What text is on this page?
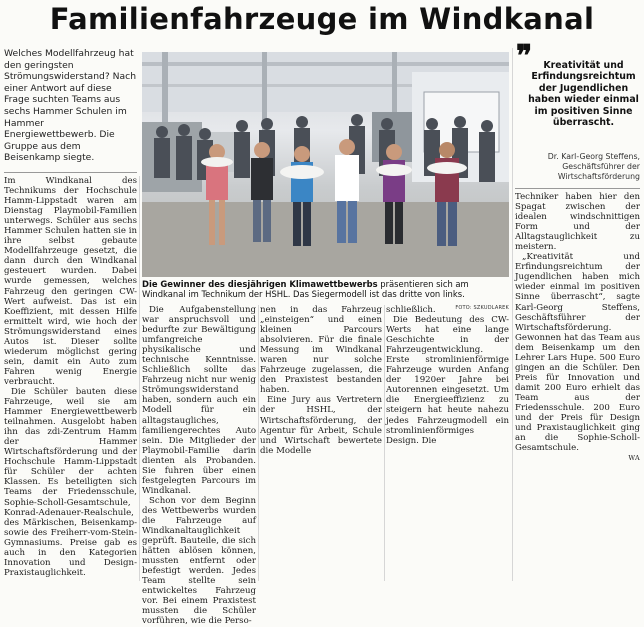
Familienfahrzeuge im Windkanal
Welches Modellfahrzeug hat den geringsten Strömungswiderstand? Nach einer Antwort auf diese Frage suchten Teams aus sechs Hammer Schulen im Hammer Energiewettbewerb. Die Gruppe aus dem Beisenkamp siegte.

Im Windkanal des Technikums der Hochschule Hamm-Lippstadt waren am Dienstag Playmobil-Familien unterwegs. Schüler aus sechs Hammer Schulen hatten sie in ihre selbst gebaute Modellfahrzeuge gesetzt, die dann durch den Windkanal gesteuert wurden. Dabei wurde gemessen, welches Fahrzeug den geringen CW-Wert aufweist. Das ist ein Koeffizient, mit dessen Hilfe ermittelt wird, wie hoch der Strömungswiderstand eines Autos ist. Dieser sollte wiederum möglichst gering sein, damit ein Auto zum Fahren wenig Energie verbraucht.

Die Schüler bauten diese Fahrzeuge, weil sie am Hammer Energiewettbewerb teilnahmen. Ausgelobt haben ihn das zdi-Zentrum Hamm der Hammer Wirtschaftsförderung und der Hochschule Hamm-Lippstadt für Schüler der achten Klassen. Es beteiligten sich Teams der Friedensschule, Sophie-Scholl-Gesamtschule, Konrad-Adenauer-Realschule, des Märkischen, Beisenkamp- sowie des Freiherr-vom-Stein-Gymnasiums. Preise gab es auch in den Kategorien Innovation und Design-Praxistauglichkeit.

Die Gewinner des diesjährigen Klimawettbewerbs präsentieren sich am Windkanal im Technikum der HSHL. Das Siegermodell ist das dritte von links.
FOTO: SZKUDLAREK

Die Aufgabenstellung war anspruchsvoll und bedurfte zur Bewältigung umfangreiche physikalische und technische Kenntnisse. Schließlich sollte das Fahrzeug nicht nur wenig Strömungswiderstand haben, sondern auch ein Modell für ein alltagstaugliches, familiengerechtes Auto sein. Die Mitglieder der Playmobil-Familie darin dienten als Probanden. Sie fuhren über einen festgelegten Parcours im Windkanal.

Schon vor dem Beginn des Wettbewerbs wurden die Fahrzeuge auf Windkanaltauglichkeit geprüft. Bauteile, die sich hätten ablösen können, mussten entfernt oder befestigt werden. Jedes Team stellte sein entwickeltes Fahrzeug vor. Bei einem Praxistest mussten die Schüler vorführen, wie die Perso-

nen in das Fahrzeug „einsteigen“ und einen kleinen Parcours absolvieren. Für die finale Messung im Windkanal waren nur solche Fahrzeuge zugelassen, die den Praxistest bestanden haben.

Eine Jury aus Vertretern der HSHL, der Wirtschaftsförderung, der Agentur für Arbeit, Schule und Wirtschaft bewertete die Modelle

schließlich.

Die Bedeutung des CW-Werts hat eine lange Geschichte in der Fahrzeugentwicklung. Erste stromlinienförmige Fahrzeuge wurden Anfang der 1920er Jahre bei Autorennen eingesetzt. Um die Energieeffizienz zu steigern hat heute nahezu jedes Fahrzeugmodell ein stromlinienförmiges Design. Die

❞	Kreativität und Erfindungsreichtum der Jugendlichen haben wieder einmal im positiven Sinne überrascht.
Dr. Karl-Georg Steffens, Geschäftsführer der Wirtschaftsförderung

Techniker haben hier den Spagat zwischen der idealen windschnittigen Form und der Alltagstauglichkeit zu meistern.

„Kreativität und Erfindungsreichtum der Jugendlichen haben mich wieder einmal im positiven Sinne überrascht“, sagte Karl-Georg Steffens, Geschäftsführer der Wirtschaftsförderung. Gewonnen hat das Team aus dem Beisenkamp um den Lehrer Lars Hupe. 500 Euro gingen an die Schüler. Den Preis für Innovation und damit 200 Euro erhielt das Team aus der Friedensschule. 200 Euro und der Preis für Design und Praxistauglichkeit ging an die Sophie-Scholl-Gesamtschule.

WA
